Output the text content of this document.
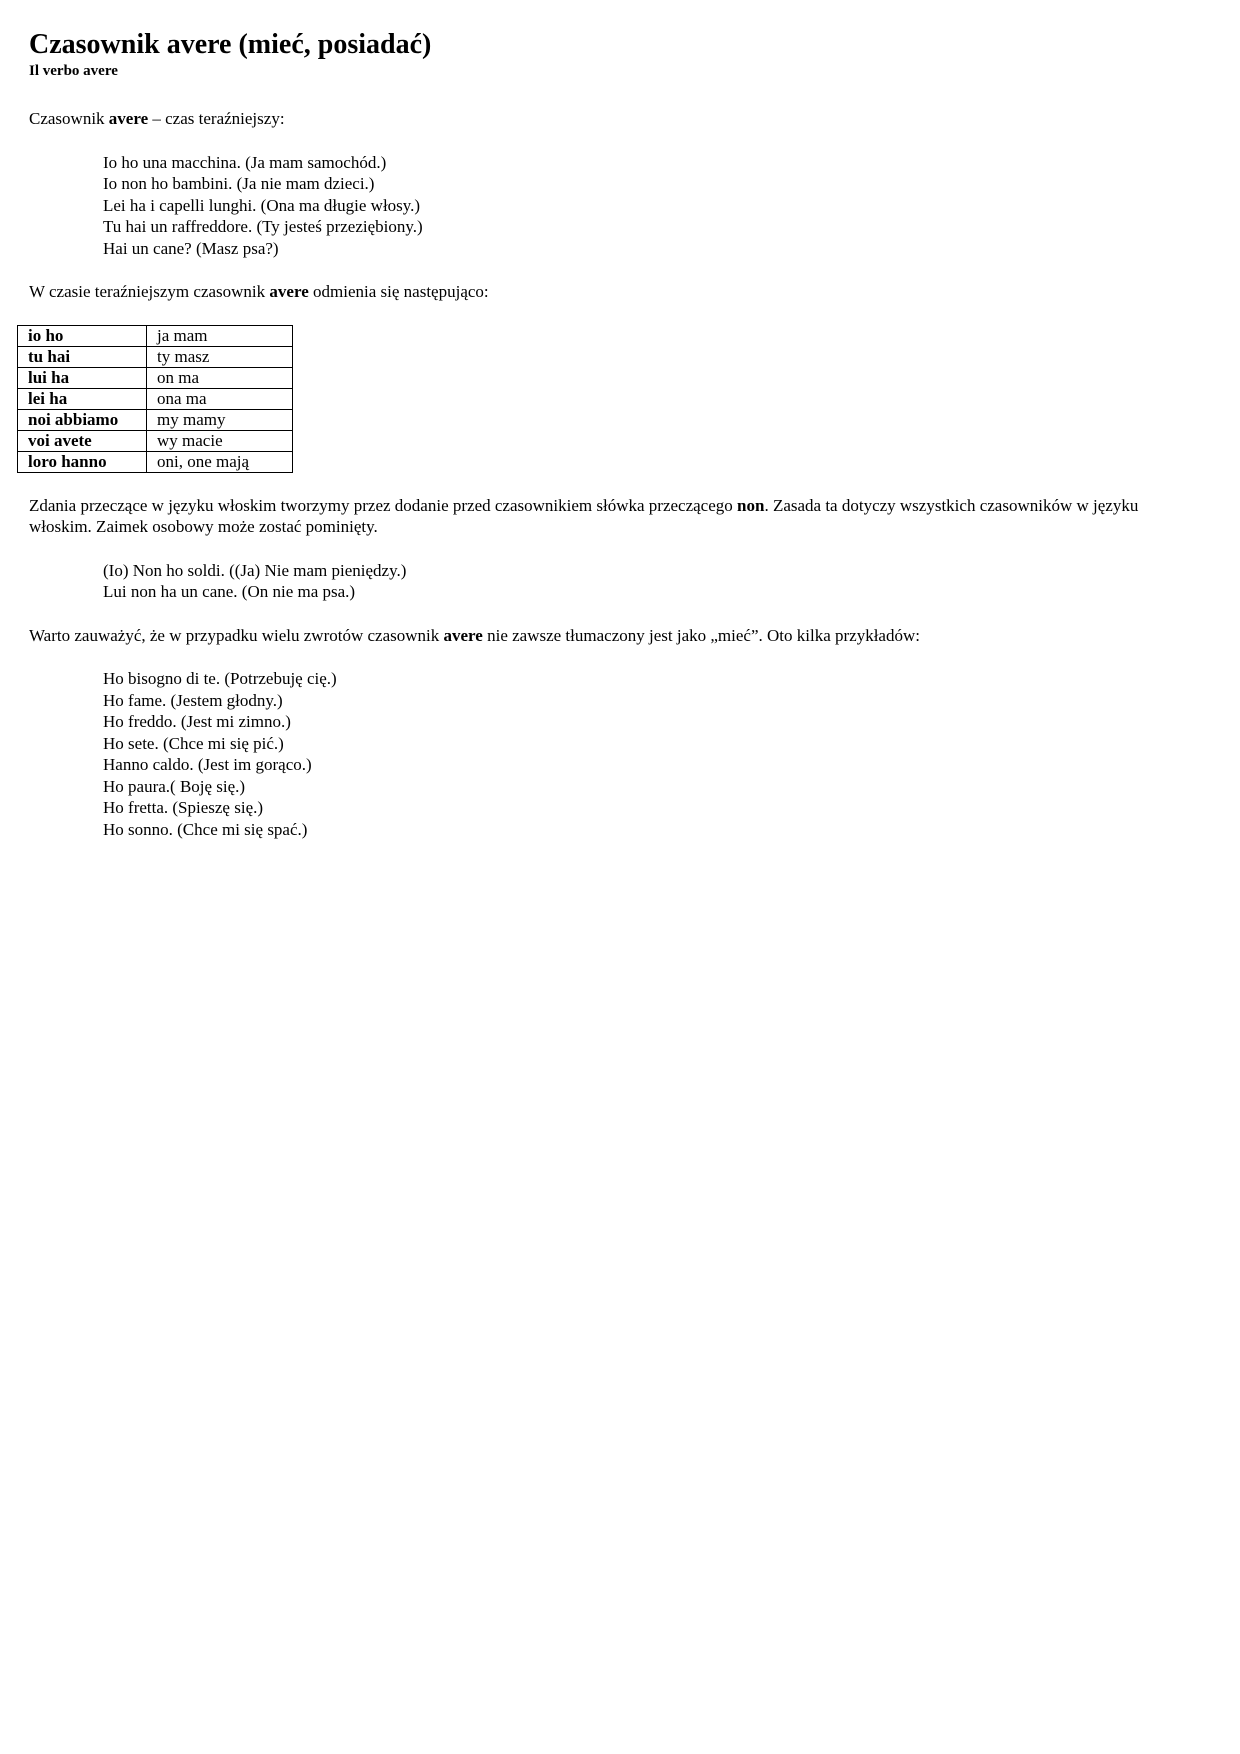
Czasownik avere (mieć, posiadać)
Il verbo avere

Czasownik avere – czas teraźniejszy:

Io ho una macchina. (Ja mam samochód.)
Io non ho bambini. (Ja nie mam dzieci.)
Lei ha i capelli lunghi. (Ona ma długie włosy.)
Tu hai un raffreddore. (Ty jesteś przeziębiony.)
Hai un cane? (Masz psa?)

W czasie teraźniejszym czasownik avere odmienia się następująco:

io ho	ja mam
tu hai	ty masz
lui ha	on ma
lei ha	ona ma
noi abbiamo	my mamy
voi avete	wy macie
loro hanno	oni, one mają

Zdania przeczące w języku włoskim tworzymy przez dodanie przed czasownikiem słówka przeczącego non. Zasada ta dotyczy wszystkich czasowników w języku włoskim. Zaimek osobowy może zostać pominięty.

(Io) Non ho soldi. ((Ja) Nie mam pieniędzy.)
Lui non ha un cane. (On nie ma psa.)

Warto zauważyć, że w przypadku wielu zwrotów czasownik avere nie zawsze tłumaczony jest jako „mieć”. Oto kilka przykładów:

Ho bisogno di te. (Potrzebuję cię.)
Ho fame. (Jestem głodny.)
Ho freddo. (Jest mi zimno.)
Ho sete. (Chce mi się pić.)
Hanno caldo. (Jest im gorąco.)
Ho paura.( Boję się.)
Ho fretta. (Spieszę się.)
Ho sonno. (Chce mi się spać.)
